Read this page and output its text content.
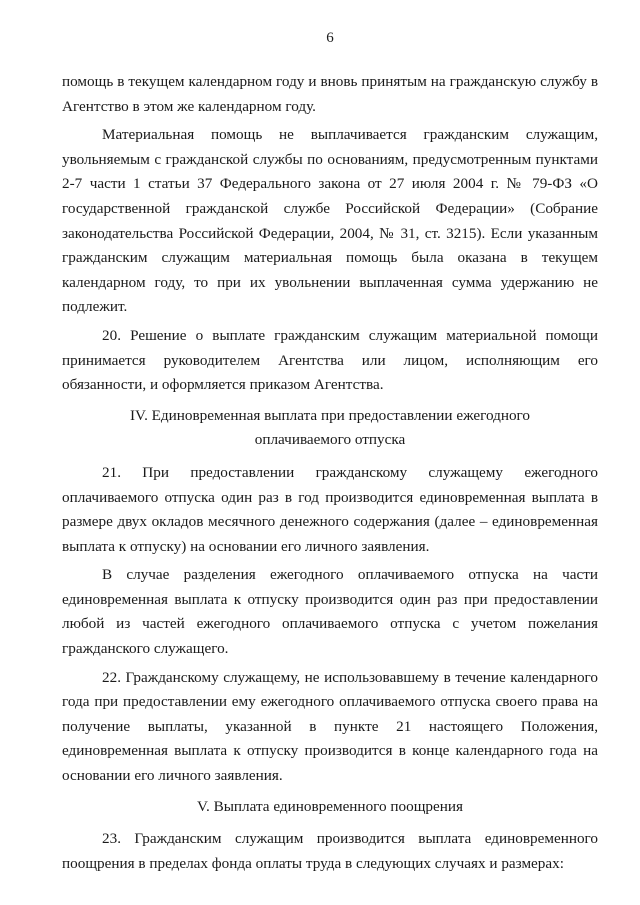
6

помощь в текущем календарном году и вновь принятым на гражданскую службу в Агентство в этом же календарном году.

Материальная помощь не выплачивается гражданским служащим, увольняемым с гражданской службы по основаниям, предусмотренным пунктами 2-7 части 1 статьи 37 Федерального закона от 27 июля 2004 г. № 79-ФЗ «О государственной гражданской службе Российской Федерации» (Собрание законодательства Российской Федерации, 2004, № 31, ст. 3215). Если указанным гражданским служащим материальная помощь была оказана в текущем календарном году, то при их увольнении выплаченная сумма удержанию не подлежит.

20. Решение о выплате гражданским служащим материальной помощи принимается руководителем Агентства или лицом, исполняющим его обязанности, и оформляется приказом Агентства.

IV. Единовременная выплата при предоставлении ежегодного
оплачиваемого отпуска

21. При предоставлении гражданскому служащему ежегодного оплачиваемого отпуска один раз в год производится единовременная выплата в размере двух окладов месячного денежного содержания (далее – единовременная выплата к отпуску) на основании его личного заявления.

В случае разделения ежегодного оплачиваемого отпуска на части единовременная выплата к отпуску производится один раз при предоставлении любой из частей ежегодного оплачиваемого отпуска с учетом пожелания гражданского служащего.

22. Гражданскому служащему, не использовавшему в течение календарного года при предоставлении ему ежегодного оплачиваемого отпуска своего права на получение выплаты, указанной в пункте 21 настоящего Положения, единовременная выплата к отпуску производится в конце календарного года на основании его личного заявления.

V. Выплата единовременного поощрения

23. Гражданским служащим производится выплата единовременного поощрения в пределах фонда оплаты труда в следующих случаях и размерах:
